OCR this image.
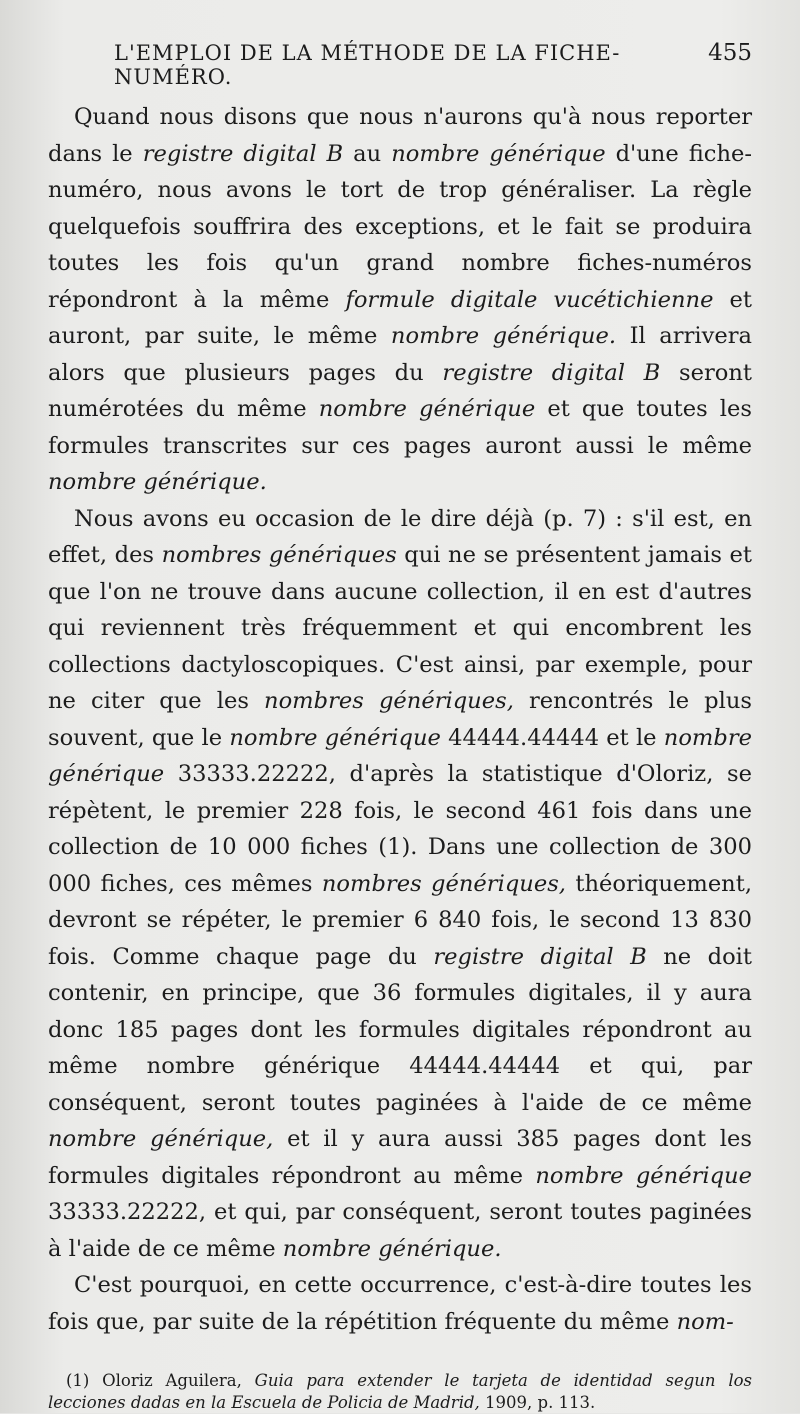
L'EMPLOI DE LA MÉTHODE DE LA FICHE-NUMÉRO.
455

Quand nous disons que nous n'aurons qu'à nous reporter dans le registre digital B au nombre générique d'une fiche-numéro, nous avons le tort de trop généraliser. La règle quelquefois souffrira des exceptions, et le fait se produira toutes les fois qu'un grand nombre fiches-numéros répondront à la même formule digitale vucétichienne et auront, par suite, le même nombre générique. Il arrivera alors que plusieurs pages du registre digital B seront numérotées du même nombre générique et que toutes les formules transcrites sur ces pages auront aussi le même nombre générique.

Nous avons eu occasion de le dire déjà (p. 7) : s'il est, en effet, des nombres génériques qui ne se présentent jamais et que l'on ne trouve dans aucune collection, il en est d'autres qui reviennent très fréquemment et qui encombrent les collections dactyloscopiques. C'est ainsi, par exemple, pour ne citer que les nombres génériques, rencontrés le plus souvent, que le nombre générique 44444.44444 et le nombre générique 33333.22222, d'après la statistique d'Oloriz, se répètent, le premier 228 fois, le second 461 fois dans une collection de 10 000 fiches (1). Dans une collection de 300 000 fiches, ces mêmes nombres génériques, théoriquement, devront se répéter, le premier 6 840 fois, le second 13 830 fois. Comme chaque page du registre digital B ne doit contenir, en principe, que 36 formules digitales, il y aura donc 185 pages dont les formules digitales répondront au même nombre générique 44444.44444 et qui, par conséquent, seront toutes paginées à l'aide de ce même nombre générique, et il y aura aussi 385 pages dont les formules digitales répondront au même nombre générique 33333.22222, et qui, par conséquent, seront toutes paginées à l'aide de ce même nombre générique.

C'est pourquoi, en cette occurrence, c'est-à-dire toutes les fois que, par suite de la répétition fréquente du même nom-

(1) Oloriz Aguilera, Guia para extender le tarjeta de identidad segun los lecciones dadas en la Escuela de Policia de Madrid, 1909, p. 113.
